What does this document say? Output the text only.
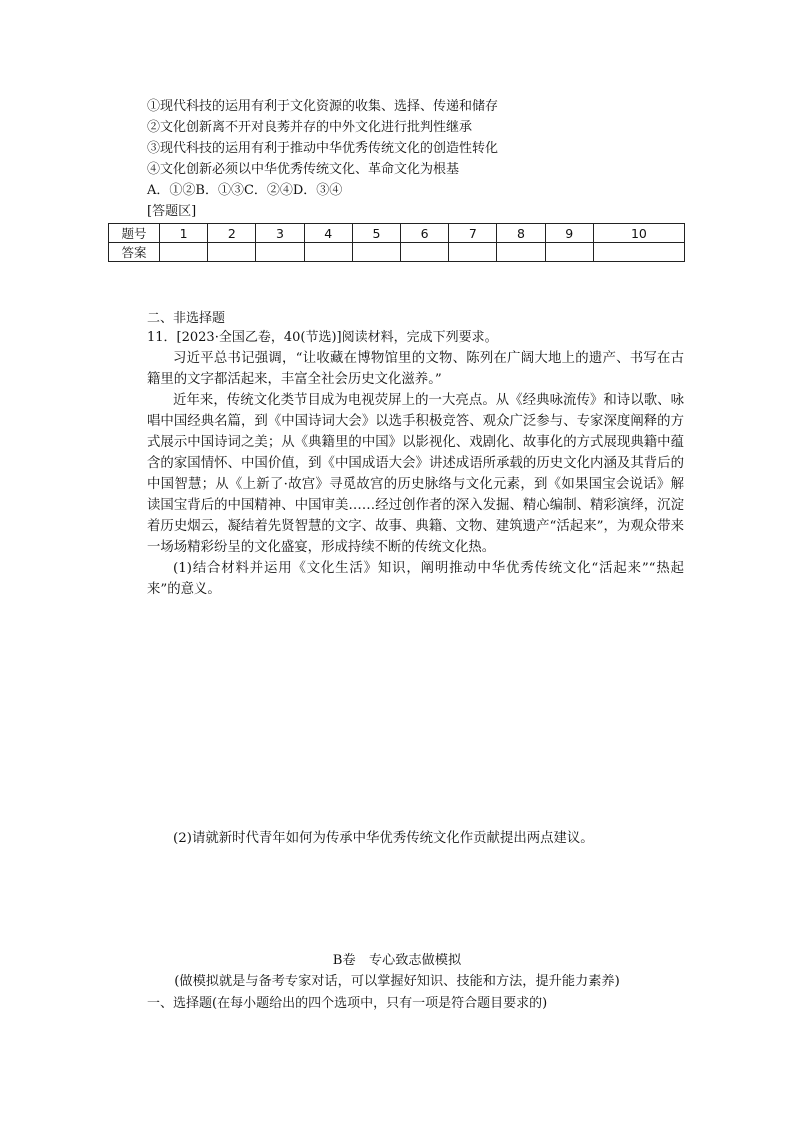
①现代科技的运用有利于文化资源的收集、选择、传递和储存
②文化创新离不开对良莠并存的中外文化进行批判性继承
③现代科技的运用有利于推动中华优秀传统文化的创造性转化
④文化创新必须以中华优秀传统文化、革命文化为根基
A．①②B．①③C．②④D．③④
[答题区]
题号	1	2	3	4	5	6	7	8	9	10
答案										
二、非选择题
11．[2023·全国乙卷，40(节选)]阅读材料，完成下列要求。
习近平总书记强调，“让收藏在博物馆里的文物、陈列在广阔大地上的遗产、书写在古籍里的文字都活起来，丰富全社会历史文化滋养。”
近年来，传统文化类节目成为电视荧屏上的一大亮点。从《经典咏流传》和诗以歌、咏唱中国经典名篇，到《中国诗词大会》以选手积极竞答、观众广泛参与、专家深度阐释的方式展示中国诗词之美；从《典籍里的中国》以影视化、戏剧化、故事化的方式展现典籍中蕴含的家国情怀、中国价值，到《中国成语大会》讲述成语所承载的历史文化内涵及其背后的中国智慧；从《上新了·故宫》寻觅故宫的历史脉络与文化元素，到《如果国宝会说话》解读国宝背后的中国精神、中国审美……经过创作者的深入发掘、精心编制、精彩演绎，沉淀着历史烟云，凝结着先贤智慧的文字、故事、典籍、文物、建筑遗产“活起来”，为观众带来一场场精彩纷呈的文化盛宴，形成持续不断的传统文化热。
(1)结合材料并运用《文化生活》知识，阐明推动中华优秀传统文化“活起来”“热起来”的意义。
(2)请就新时代青年如何为传承中华优秀传统文化作贡献提出两点建议。
B卷　专心致志做模拟
(做模拟就是与备考专家对话，可以掌握好知识、技能和方法，提升能力素养)
一、选择题(在每小题给出的四个选项中，只有一项是符合题目要求的)
